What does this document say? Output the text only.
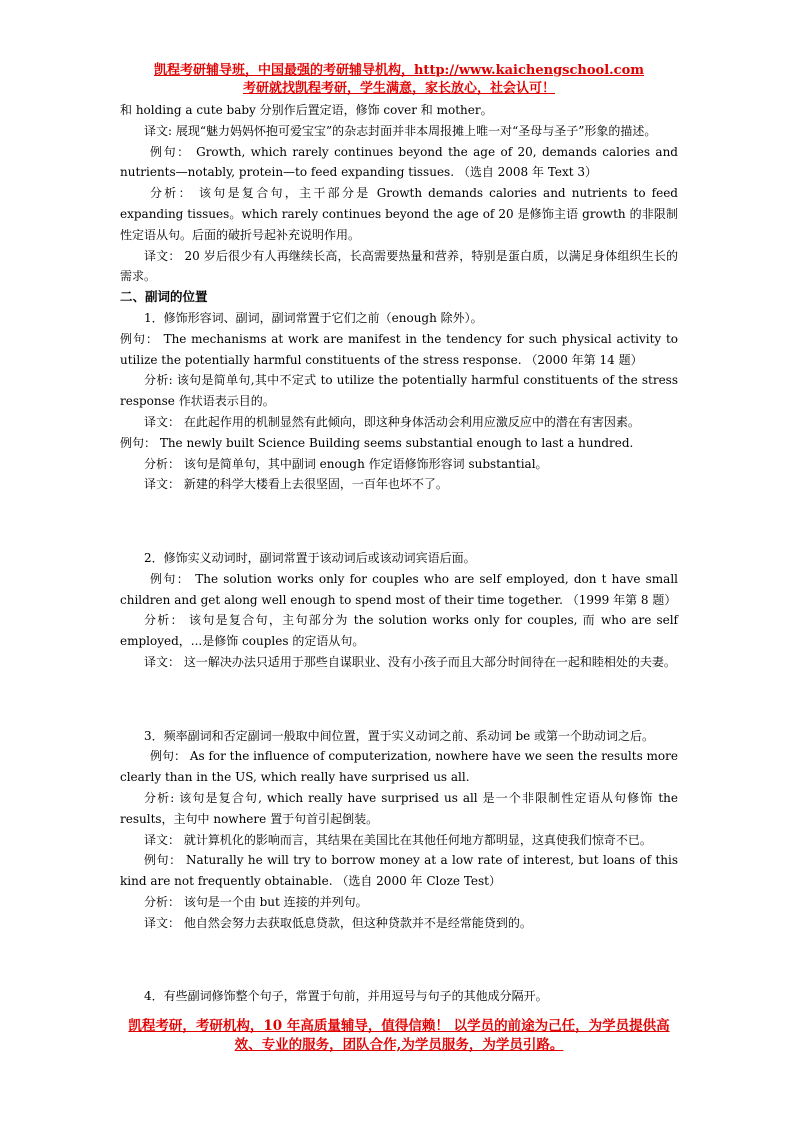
凯程考研辅导班，中国最强的考研辅导机构，http://www.kaichengschool.com
考研就找凯程考研，学生满意，家长放心，社会认可！

和 holding a cute baby 分别作后置定语，修饰 cover 和 mother。

译文: 展现“魅力妈妈怀抱可爱宝宝”的杂志封面并非本周报摊上唯一对“圣母与圣子”形象的描述。

例句： Growth, which rarely continues beyond the age of 20, demands calories and nutrients—notably, protein—to feed expanding tissues. （选自 2008 年 Text 3）

分析： 该句是复合句，主干部分是 Growth demands calories and nutrients to feed expanding tissues。which rarely continues beyond the age of 20 是修饰主语 growth 的非限制性定语从句。后面的破折号起补充说明作用。

译文： 20 岁后很少有人再继续长高，长高需要热量和营养，特别是蛋白质，以满足身体组织生长的需求。

二、副词的位置

1．修饰形容词、副词，副词常置于它们之前（enough 除外）。

例句： The mechanisms at work are manifest in the tendency for such physical activity to utilize the potentially harmful constituents of the stress response. （2000 年第 14 题）

分析: 该句是简单句,其中不定式 to utilize the potentially harmful constituents of the stress response 作状语表示目的。

译文： 在此起作用的机制显然有此倾向，即这种身体活动会利用应激反应中的潜在有害因素。

例句： The newly built Science Building seems substantial enough to last a hundred.

分析： 该句是简单句，其中副词 enough 作定语修饰形容词 substantial。

译文： 新建的科学大楼看上去很坚固，一百年也坏不了。

2．修饰实义动词时，副词常置于该动词后或该动词宾语后面。

例句： The solution works only for couples who are self employed, don t have small children and get along well enough to spend most of their time together. （1999 年第 8 题）

分析： 该句是复合句，主句部分为 the solution works only for couples, 而 who are self employed，...是修饰 couples 的定语从句。

译文： 这一解决办法只适用于那些自谋职业、没有小孩子而且大部分时间待在一起和睦相处的夫妻。

3．频率副词和否定副词一般取中间位置，置于实义动词之前、系动词 be 或第一个助动词之后。

例句： As for the influence of computerization, nowhere have we seen the results more clearly than in the US, which really have surprised us all.

分析: 该句是复合句, which really have surprised us all 是一个非限制性定语从句修饰 the results，主句中 nowhere 置于句首引起倒装。

译文： 就计算机化的影响而言，其结果在美国比在其他任何地方都明显，这真使我们惊奇不已。

例句： Naturally he will try to borrow money at a low rate of interest, but loans of this kind are not frequently obtainable. （选自 2000 年 Cloze Test）

分析： 该句是一个由 but 连接的并列句。

译文： 他自然会努力去获取低息贷款，但这种贷款并不是经常能贷到的。

4．有些副词修饰整个句子，常置于句前，并用逗号与句子的其他成分隔开。

凯程考研，考研机构，10 年高质量辅导，值得信赖！ 以学员的前途为己任，为学员提供高效、专业的服务，团队合作,为学员服务，为学员引路。
